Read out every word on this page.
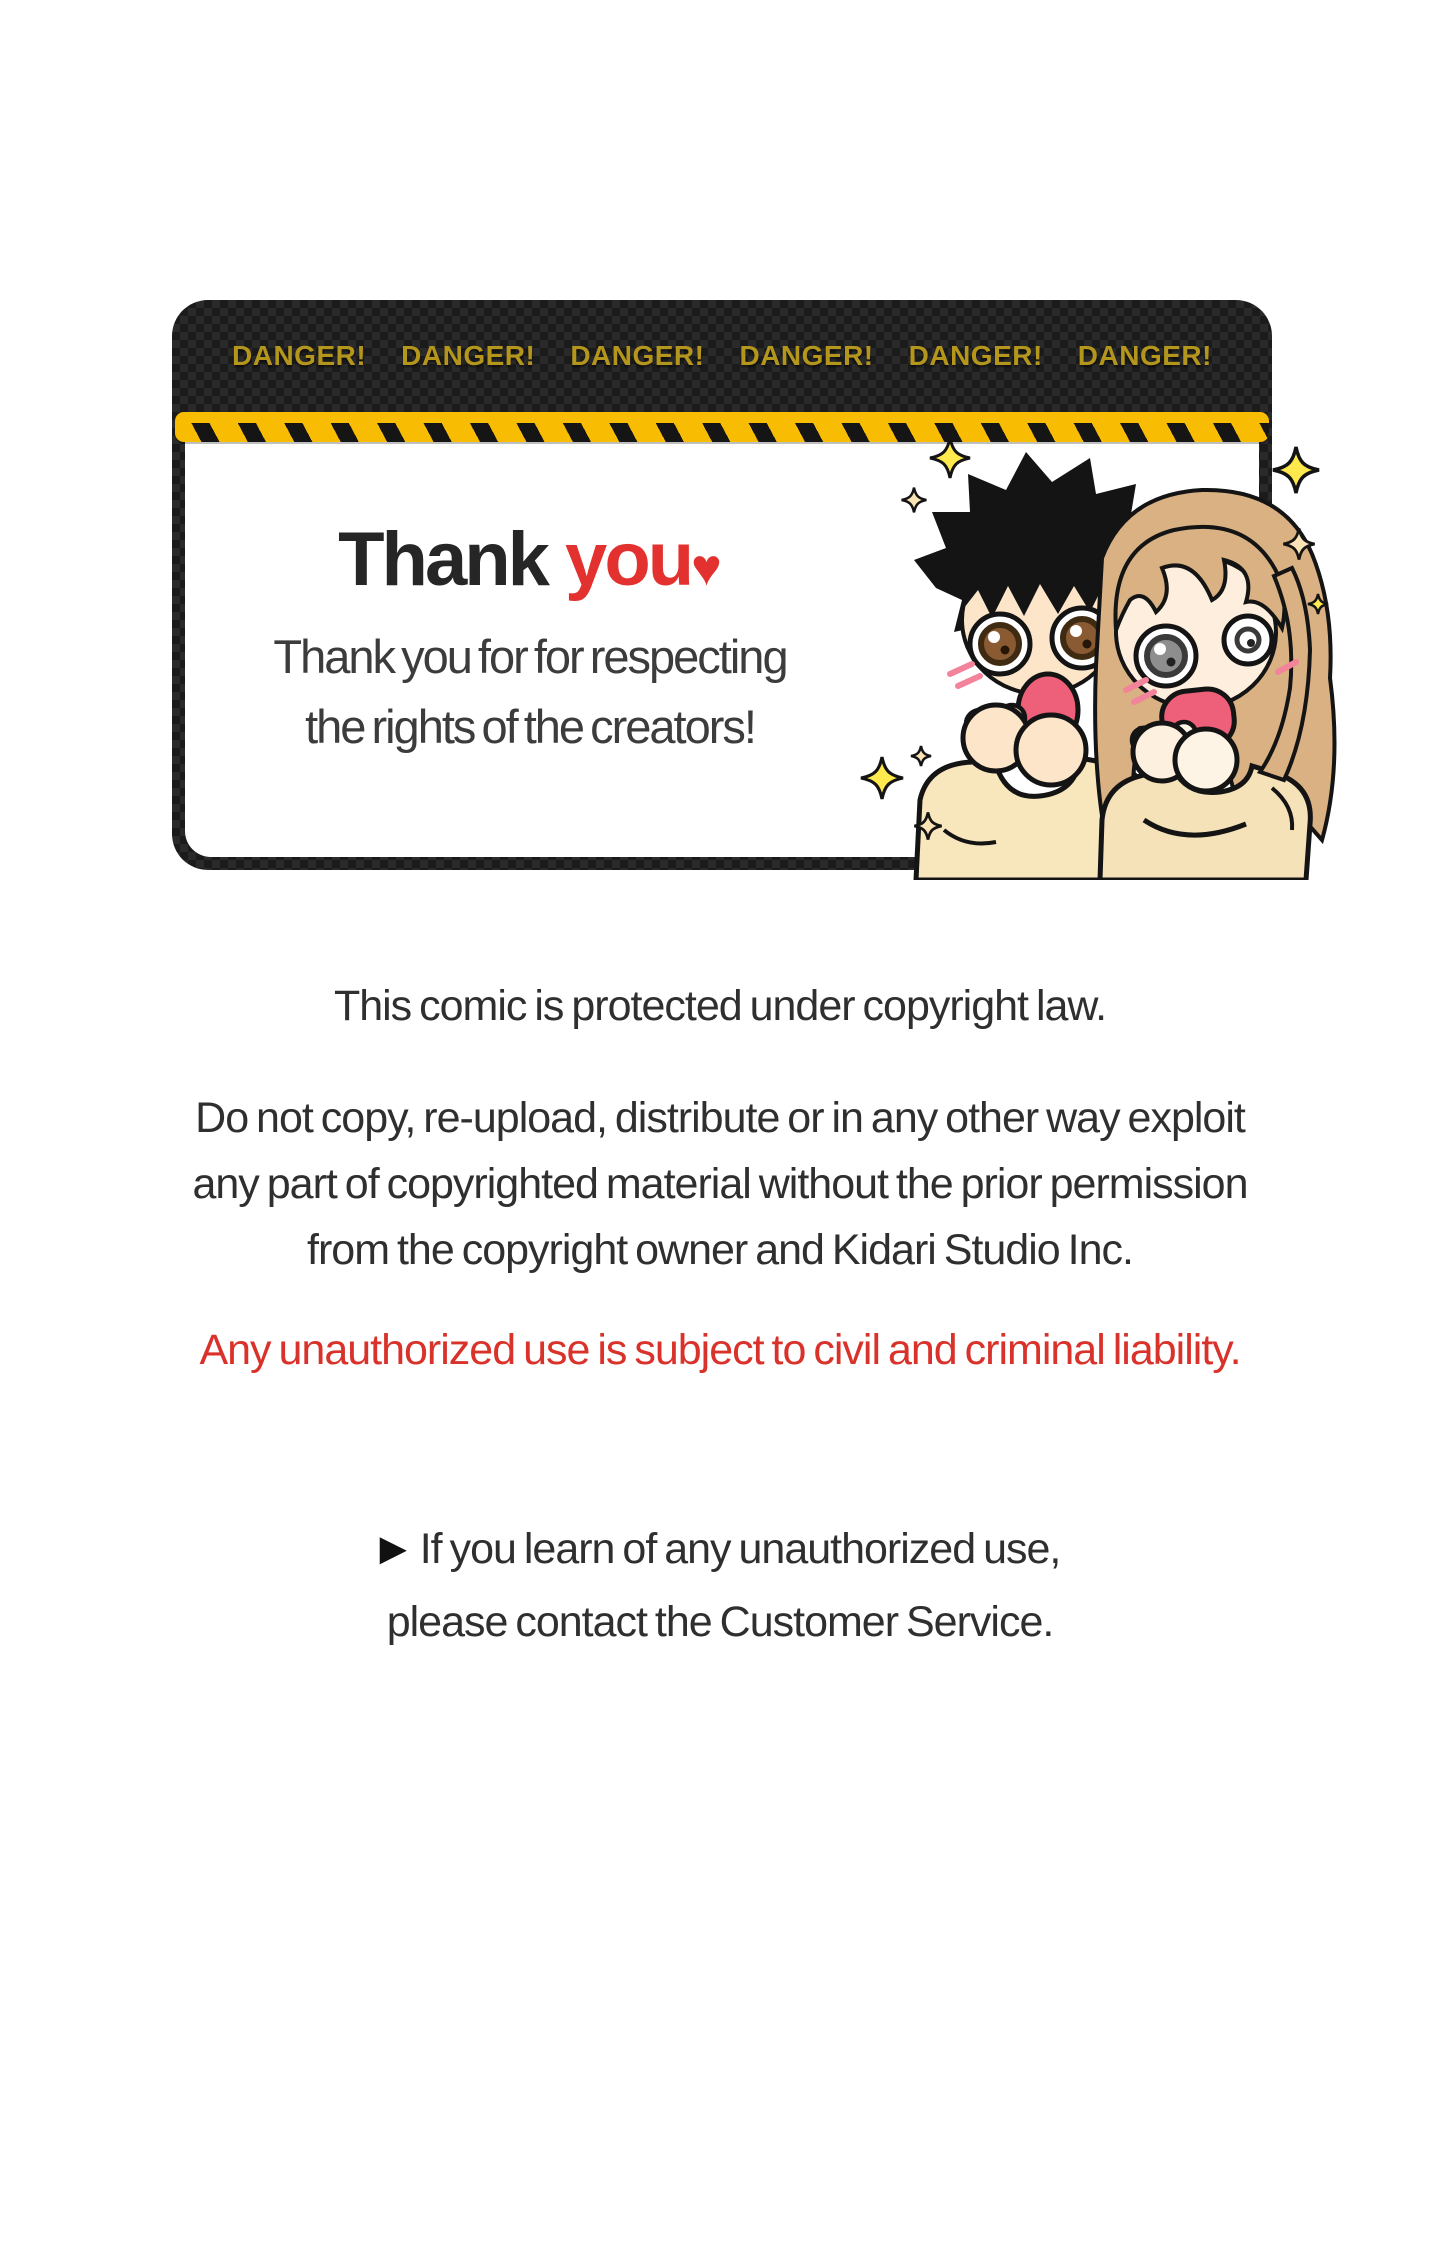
DANGER! DANGER! DANGER! DANGER! DANGER! DANGER!
Thank you♥
Thank you for for respecting
the rights of the creators!
This comic is protected under copyright law.
Do not copy, re-upload, distribute or in any other way exploit
any part of copyrighted material without the prior permission
from the copyright owner and Kidari Studio Inc.
Any unauthorized use is subject to civil and criminal liability.
▶ If you learn of any unauthorized use,
please contact the Customer Service.
